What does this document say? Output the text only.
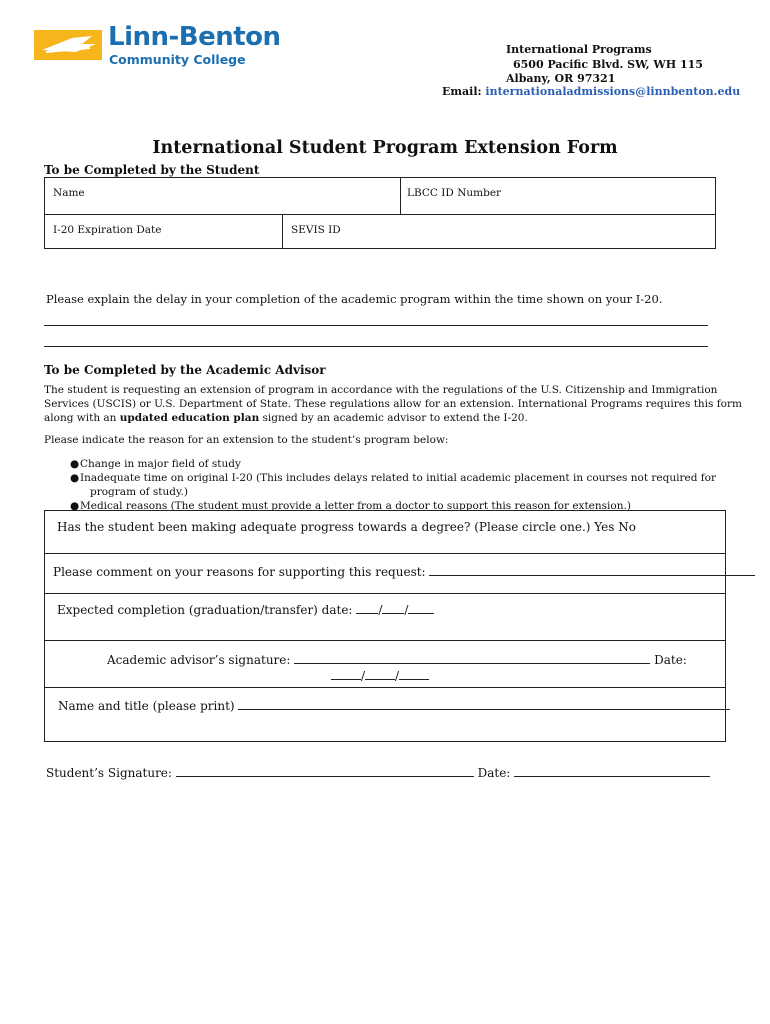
Linn-Benton
Community College
International Programs
6500 Pacific Blvd. SW, WH 115
Albany, OR 97321
Email: internationaladmissions@linnbenton.edu
International Student Program Extension Form
To be Completed by the Student
Name	LBCC ID Number
I-20 Expiration Date	SEVIS ID
Please explain the delay in your completion of the academic program within the time shown on your I-20.
To be Completed by the Academic Advisor
The student is requesting an extension of program in accordance with the regulations of the U.S. Citizenship and Immigration
Services (USCIS) or U.S. Department of State. These regulations allow for an extension. International Programs requires this form
along with an updated education plan signed by an academic advisor to extend the I-20.
Please indicate the reason for an extension to the student’s program below:
●Change in major field of study
●Inadequate time on original I-20 (This includes delays related to initial academic placement in courses not required for
program of study.)
●Medical reasons (The student must provide a letter from a doctor to support this reason for extension.)
Has the student been making adequate progress towards a degree? (Please circle one.) Yes No
Please comment on your reasons for supporting this request:
Expected completion (graduation/transfer) date: / /
Academic advisor’s signature:	Date:
/	/
Name and title (please print)
Student’s Signature:	Date:
